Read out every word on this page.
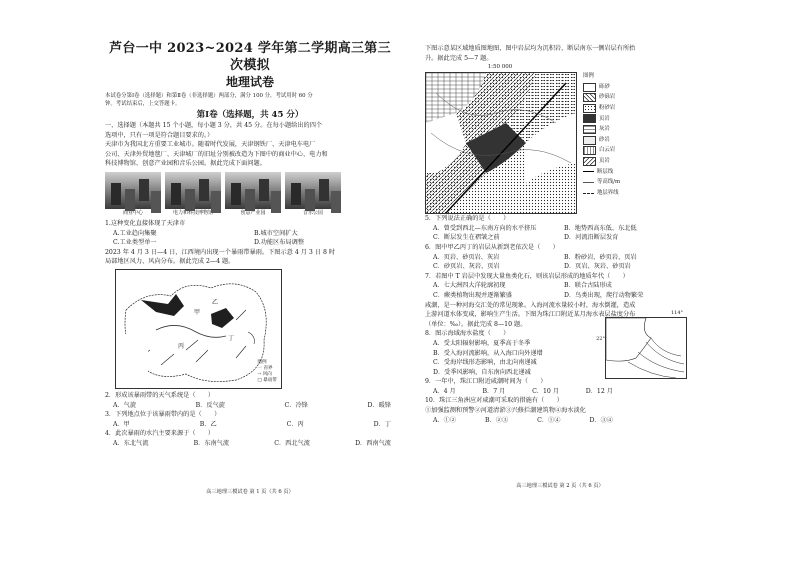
芦台一中 2023~2024 学年第二学期高三第三次模拟
地理试卷
本试卷分第Ⅰ卷（选择题）和第Ⅱ卷（非选择题）两部分，满分 100 分，考试用时 60 分
钟。考试结束后，上交答题卡。
第Ⅰ卷（选择题，共 45 分）
一、选择题（本题共 15 个小题，每小题 3 分，共 45 分。在每小题给出的四个
选项中，只有一项是符合题目要求的。）
天津市为我国北方重要工业城市。随着时代发展，天津钢铁厂、天津电车电厂
公司、天津外贸地毯厂、天津城厂的旧址分别被改造为下图中的商业中心、电力和
科技博物馆、创意产业园和音乐公园。据此完成下面问题。
商业中心	电力和科技博物馆	创意产业园	音乐公园
1.这种变化直接体现了天津市
A.工业趋向集聚	B.城市空间扩大
C.工业类型单一	D.功能区布局调整
2023 年 4 月 3 日—4 日，江西境内出现一个暴雨带暴雨。下图示意 4 月 3 日 8 时
局部地区风力、风向分布。据此完成 2—4 题。
甲
乙
丙
丁
图例
一 省界
→ 风向
□ 暴雨带
2．形成该暴雨带的天气系统是（　　）
A．气旋	B．反气旋	C．冷锋	D．暖锋
3．下列地点位于该暴雨带内的是（　　）
A．甲	B．乙	C．丙	D．丁
4．此次暴雨的水汽主要来源于（　　）
A．东北气流	B．东南气流	C．西北气流	D．西南气流
高三地理三模试卷 第 1 页（共 6 页）
下图示意某区域地质图地图，图中岩层均为沉积岩，断层南东一侧岩层有所抬
升。据此完成 5—7 题。
1:50 000
图例
砾砂
砂砾岩
粉砂岩
页岩
灰岩
砂岩
白云岩
页岩
断层线
等高线/m
地层界线
5．下列说法正确的是（　　）
A．曾受到西北—东南方向的水平挤压	B．地势西高东低、东北低
C．断层发生在褶皱之前	D．河流沿断层发育
6．图中甲乙丙丁的岩层从新到老依次是（　　）
A．页岩、砂页岩、灰岩	B．粉砂岩、砂页岩、页岩
C．砂页岩、灰岩、页岩	D．页岩、灰岩、砂页岩
7．若图中 T 岩层中发现大量鱼类化石，则该岩层形成的地质年代（　　）
A．七大洲四大洋轮廓初现	B．联合古陆形成
C．蕨类植物出现并逐渐繁盛	D．鸟类出现，爬行动物繁荣
咸潮，是一种河海交汇处的常见现象。入海河流水量较小时，海水倒灌，造成
上游河道水体变咸，影响生产生活。下图为珠江口附近某月海水表层盐度分布
（单位：‰）。据此完成 8—10 题。
8．图示海域海水盐度（　　）
A．受太阳辐射影响，夏季高于冬季
B．受入海河流影响，从入海口向外递增
C．受海岸线形态影响，由北向南递减
D．受季风影响，自东南向西北递减
114°
22°
9．一年中，珠江口附近咸潮时间为（　　）
A．4 月	B．7 月	C．10 月	D．12 月
10．珠江三角洲应对咸潮可采取的措施有（　　）
①加强监测和预警②河道清淤③兴修拦潮建筑物④海水淡化
A．①②	B．②③	C．①④	D．③④
高三地理三模试卷 第 2 页（共 6 页）
